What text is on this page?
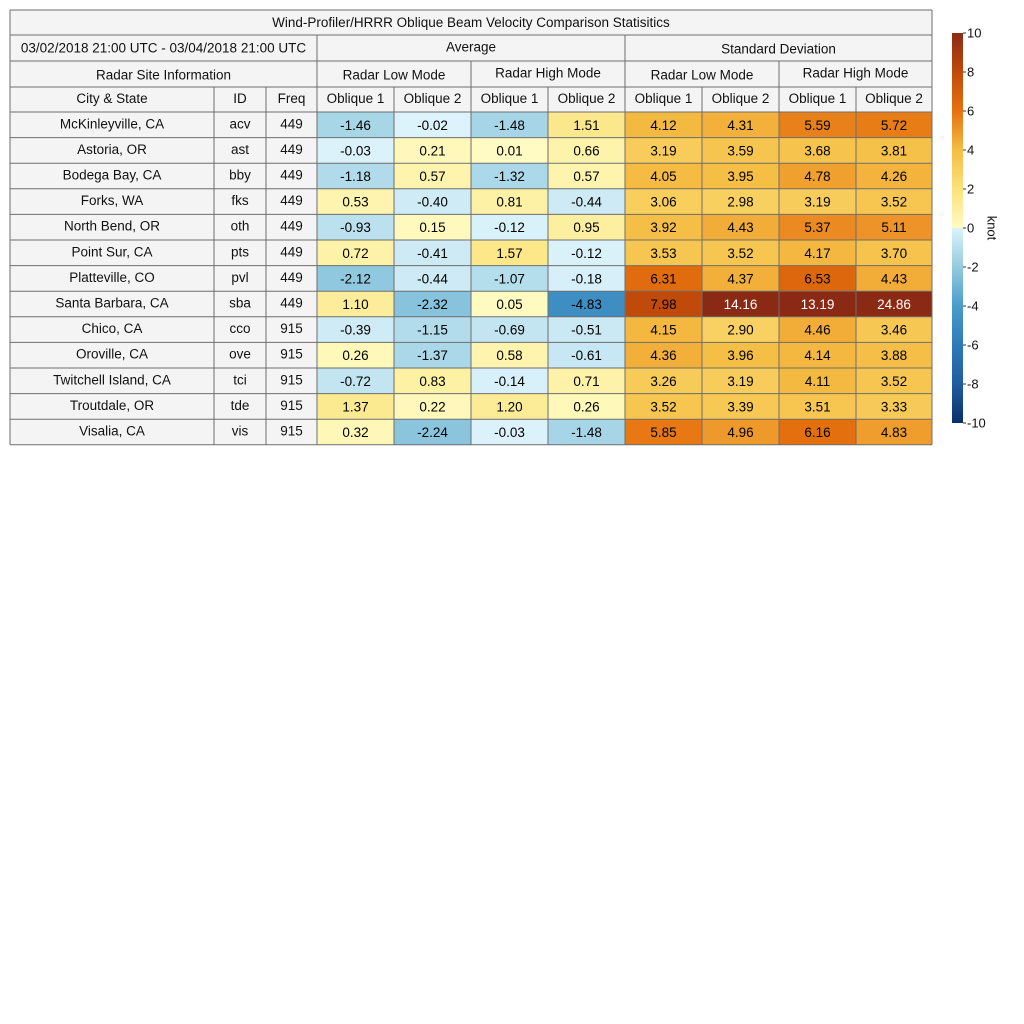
Wind-Profiler/HRRR Oblique Beam Velocity Comparison Statisitics
03/02/2018 21:00 UTC - 03/04/2018 21:00 UTC	Average	Standard Deviation
Radar Site Information	Radar Low Mode	Radar High Mode	Radar Low Mode	Radar High Mode
City & State	ID Freq Oblique 1 Oblique 2 Oblique 1 Oblique 2 Oblique 1 Oblique 2 Oblique 1 Oblique 2
McKinleyville, CA	acv 449	-1.46	-0.02	-1.48	1.51	4.12	4.31	5.59	5.72
Astoria, OR	ast 449	-0.03	0.21	0.01	0.66	3.19	3.59	3.68	3.81
Bodega Bay, CA	bby 449	-1.18	0.57	-1.32	0.57	4.05	3.95	4.78	4.26
Forks, WA	fks 449	0.53	-0.40	0.81	-0.44	3.06	2.98	3.19	3.52
North Bend, OR	oth 449	-0.93	0.15	-0.12	0.95	3.92	4.43	5.37	5.11
Point Sur, CA	pts 449	0.72	-0.41	1.57	-0.12	3.53	3.52	4.17	3.70
Platteville, CO	pvl 449	-2.12	-0.44	-1.07	-0.18	6.31	4.37	6.53	4.43
Santa Barbara, CA	sba 449	1.10	-2.32	0.05	-4.83	7.98	14.16	13.19	24.86
Chico, CA	cco 915	-0.39	-1.15	-0.69	-0.51	4.15	2.90	4.46	3.46
Oroville, CA	ove 915	0.26	-1.37	0.58	-0.61	4.36	3.96	4.14	3.88
Twitchell Island, CA	tci 915	-0.72	0.83	-0.14	0.71	3.26	3.19	4.11	3.52
Troutdale, OR	tde 915	1.37	0.22	1.20	0.26	3.52	3.39	3.51	3.33
Visalia, CA	vis 915	0.32	-2.24	-0.03	-1.48	5.85	4.96	6.16	4.83
10
8
6
4
2
0
-2
-4
-6
-8
-10
knot
